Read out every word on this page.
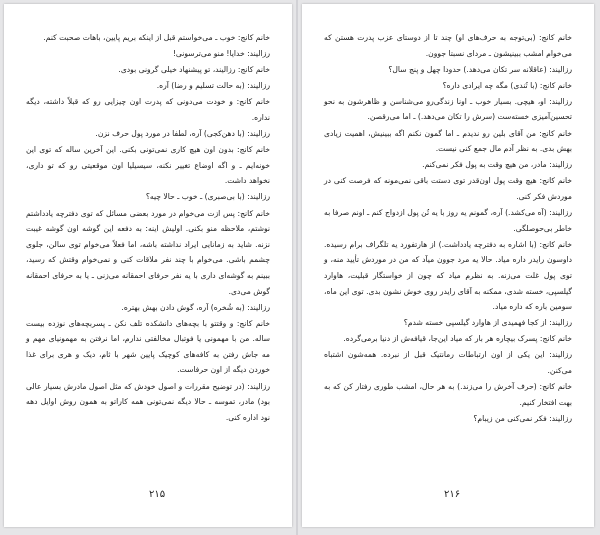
خانم کانج: خوب ـ می‌خواستم قبل از اینکه بریم پایین، باهات صحبت کنم.

رزالیند: خدایا! منو می‌ترسونی!

خانم کانج: رزالیند، تو پیشنهاد خیلی گرونی بودی.

رزالیند: (به حالت تسلیم و رضا) آره.

خانم کانج: و خودت می‌دونی که پدرت اون چیزایی رو که قبلاً داشته، دیگه نداره.

رزالیند: (با دهن‌کجی) آره، لطفا در مورد پول حرف نزن.

خانم کانج: بدون اون هیچ کاری نمی‌تونی بکنی. این آخرین ساله که توی این خونه‌ایم ـ و اگه اوضاع تغییر نکنه، سیسیلیا اون موقعیتی رو که تو داری، نخواهد داشت.

رزالیند: (با بی‌صبری) ـ خوب ـ حالا چیه؟

خانم کانج: پس ازت می‌خوام در مورد بعضی مسائل که توی دفترچه یادداشتم نوشتم، ملاحظه منو بکنی. اولیش اینه: به دفعه این گوشه اون گوشه غیبت نزنه. شاید به زمانایی ایراد نداشته باشه، اما فعلاً می‌خوام توی سالن، جلوی چشمم باشی. می‌خوام با چند نفر ملاقات کنی و نمی‌خوام وقتش که رسید، ببینم به گوشه‌ای داری با یه نفر حرفای احمقانه می‌زنی ـ یا به حرفای احمقانه گوش می‌دی.

رزالیند: (به شُخره) آره، گوش دادن بهش بهتره.

خانم کانج: و وقتتو با بچه‌های دانشکده تلف نکن ـ پسربچه‌های نوزده بیست ساله. من با مهمونی یا فوتبال مخالفتی ندارم، اما نرفتن به مهمونیای مهم و مه جاش رفتن به کافه‌های کوچیک پایین شهر با ثام، دیک و هری برای غذا خوردن دیگه از اون حرفاست.

رزالیند: (در توضیح مقررات و اصول خودش که مثل اصول مادرش بسیار عالی بود) مادر، تموسه ـ حالا دیگه نمی‌تونی همه کاراتو به همون روش اوایل دهه نود اداره کنی.

۲۱۵

خانم کانج: (بی‌توجه به حرف‌های او) چند تا از دوستای عزب پدرت هستن که می‌خوام امشب ببینیشون ـ مردای نسبتا جوون.

رزالیند: (عاقلانه سر تکان می‌دهد.) حدودا چهل و پنج سال؟

خانم کانج: (با تُندی) مگه چه ایرادی داره؟

رزالیند: او، هیچی. بسیار خوب ـ اونا زندگی‌رو می‌شناسن و ظاهرشون به نحو تحسین‌آمیزی خسته‌ست (سرش را تکان می‌دهد.) ـ اما می‌رقصن.

خانم کانج: من آقای بلین رو ندیدم ـ اما گمون نکنم اگه ببینیش، اهمیت زیادی بهش بدی. به نظر آدم مال جمع کنی نیست.

رزالیند: مادر، من هیچ وقت به پول فکر نمی‌کنم.

خانم کانج: هیچ وقت پول اون‌قدر توی دستت باقی نمی‌مونه که فرصت کنی در موردش فکر کنی.

رزالیند: (آه می‌کشد.) آره، گمونم یه روز با یه تُن پول ازدواج کنم ـ اونم صرفا به خاطر بی‌حوصلگی.

خانم کانج: (با اشاره به دفترچه یادداشت.) از هارتفورد یه تلگراف برام رسیده. داوسون رایدر داره میاد. حالا یه مرد جوون میآد که من در موردش تأیید منه، و توی پول غلت می‌زنه. به نظرم میاد که چون از خواستگار قبلیت، هاوارد گیلسپی، خسته شدی، ممکنه به آقای رایدر روی خوش نشون بدی. توی این ماه، سومین باره که داره میاد.

رزالیند: از کجا فهمیدی از هاوارد گیلسپی خسته شدم؟

خانم کانج: پسرک بیچاره هر بار که میاد این‌جا، قیافه‌ش از دنیا برمی‌گرده.

رزالیند: این یکی از اون ارتباطات رمانتیک قبل از نبرده. همه‌شون اشتباه می‌کنن.

خانم کانج: (حرف آخرش را می‌زند.) به هر حال، امشب طوری رفتار کن که به بهت افتخار کنیم.

رزالیند: فکر نمی‌کنی من زیبام؟

۲۱۶
